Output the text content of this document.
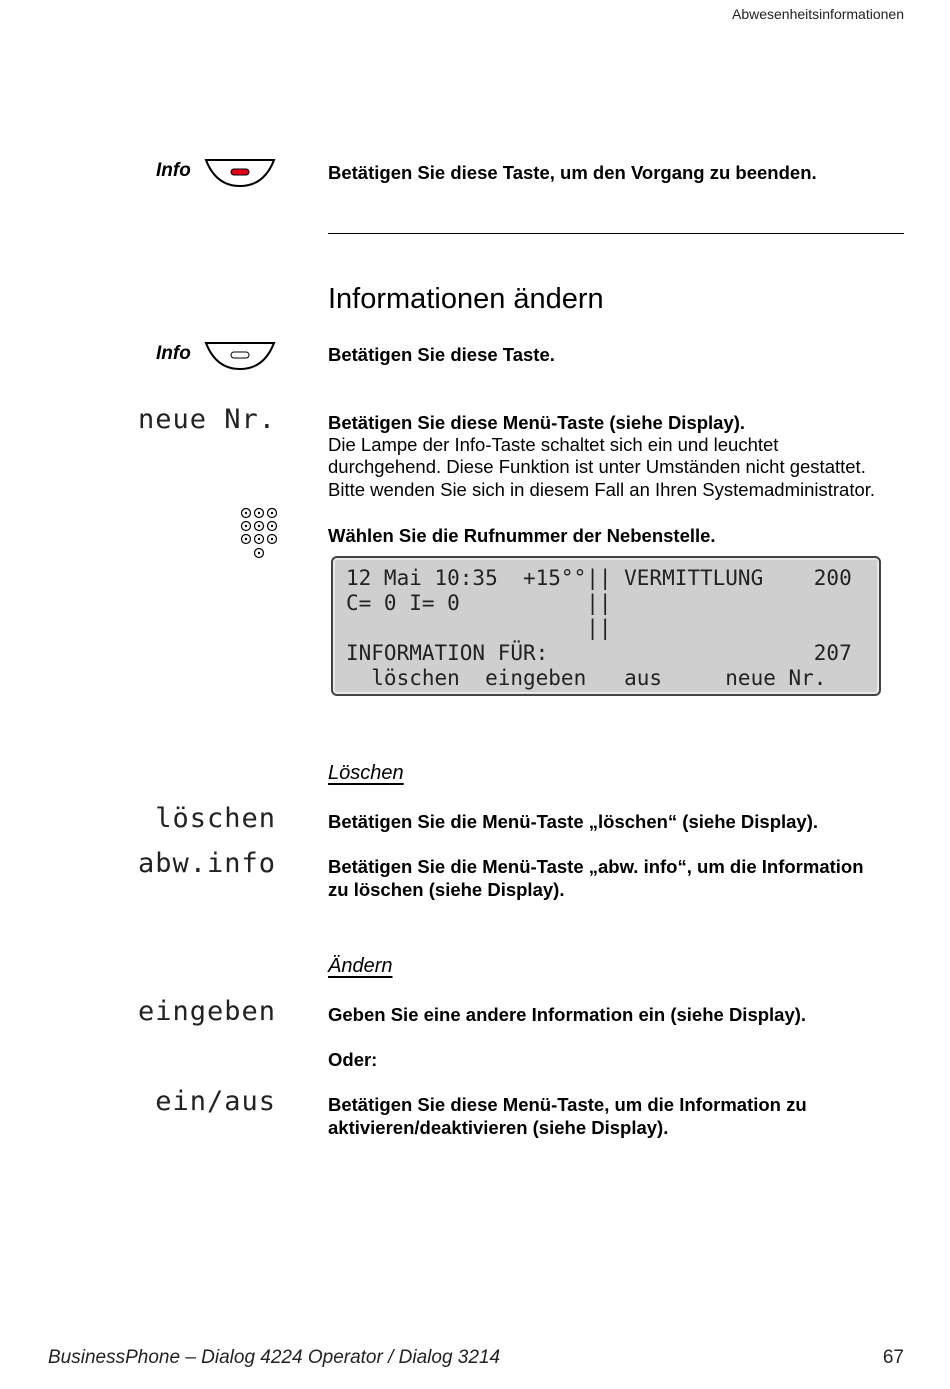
Abwesenheitsinformationen
Info	Betätigen Sie diese Taste, um den Vorgang zu beenden.
Informationen ändern
Info	Betätigen Sie diese Taste.
neue Nr.	Betätigen Sie diese Menü-Taste (siehe Display).
Die Lampe der Info-Taste schaltet sich ein und leuchtet
durchgehend. Diese Funktion ist unter Umständen nicht gestattet.
Bitte wenden Sie sich in diesem Fall an Ihren Systemadministrator.
Wählen Sie die Rufnummer der Nebenstelle.
12 Mai 10:35  +15°°|| VERMITTLUNG    200
C= 0 I= 0          ||
||
INFORMATION FÜR:                     207
löschen  eingeben   aus     neue Nr.
Löschen
löschen	Betätigen Sie die Menü-Taste „löschen“ (siehe Display).
abw.info	Betätigen Sie die Menü-Taste „abw. info“, um die Information
zu löschen (siehe Display).
Ändern
eingeben	Geben Sie eine andere Information ein (siehe Display).
Oder:
ein/aus	Betätigen Sie diese Menü-Taste, um die Information zu
aktivieren/deaktivieren (siehe Display).
BusinessPhone – Dialog 4224 Operator / Dialog 3214	67
